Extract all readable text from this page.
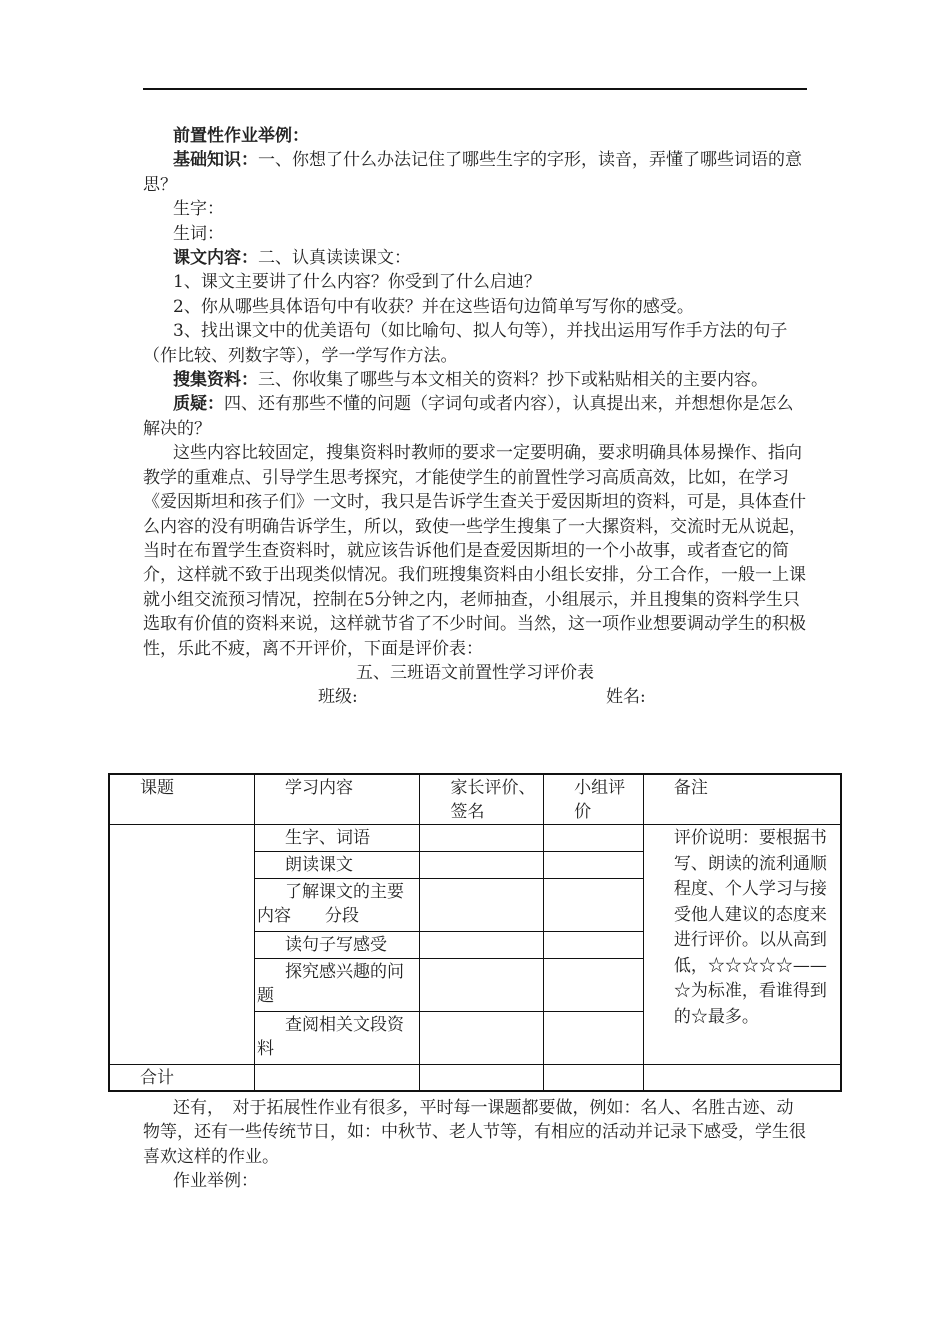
前置性作业举例：

基础知识：一、你想了什么办法记住了哪些生字的字形，读音，弄懂了哪些词语的意思？

生字：

生词：

课文内容：二、认真读读课文：

1、课文主要讲了什么内容？你受到了什么启迪？

2、你从哪些具体语句中有收获？并在这些语句边简单写写你的感受。

3、找出课文中的优美语句（如比喻句、拟人句等），并找出运用写作手方法的句子（作比较、列数字等），学一学写作方法。

搜集资料：三、你收集了哪些与本文相关的资料？抄下或粘贴相关的主要内容。

质疑：四、还有那些不懂的问题（字词句或者内容），认真提出来，并想想你是怎么解决的？

这些内容比较固定，搜集资料时教师的要求一定要明确，要求明确具体易操作、指向教学的重难点、引导学生思考探究，才能使学生的前置性学习高质高效，比如，在学习《爱因斯坦和孩子们》一文时，我只是告诉学生查关于爱因斯坦的资料，可是，具体查什么内容的没有明确告诉学生，所以，致使一些学生搜集了一大摞资料，交流时无从说起，当时在布置学生查资料时，就应该告诉他们是查爱因斯坦的一个小故事，或者查它的简介，这样就不致于出现类似情况。我们班搜集资料由小组长安排，分工合作，一般一上课就小组交流预习情况，控制在5分钟之内，老师抽查，小组展示，并且搜集的资料学生只选取有价值的资料来说，这样就节省了不少时间。当然，这一项作业想要调动学生的积极性，乐此不疲，离不开评价，下面是评价表：

五、三班语文前置性学习评价表

班级:	姓名:
课题	学习内容	家长评价、签名	小组评价	备注
	生字、词语			评价说明：要根据书写、朗读的流利通顺程度、个人学习与接受他人建议的态度来进行评价。以从高到低，☆☆☆☆☆——☆为标准，看谁得到的☆最多。
	朗读课文			
	了解课文的主要内容　　分段			
	读句子写感受			
	探究感兴趣的问题			
	查阅相关文段资料			
合计				

还有，　对于拓展性作业有很多，平时每一课题都要做，例如：名人、名胜古迹、动物等，还有一些传统节日，如：中秋节、老人节等，有相应的活动并记录下感受，学生很喜欢这样的作业。

作业举例：
